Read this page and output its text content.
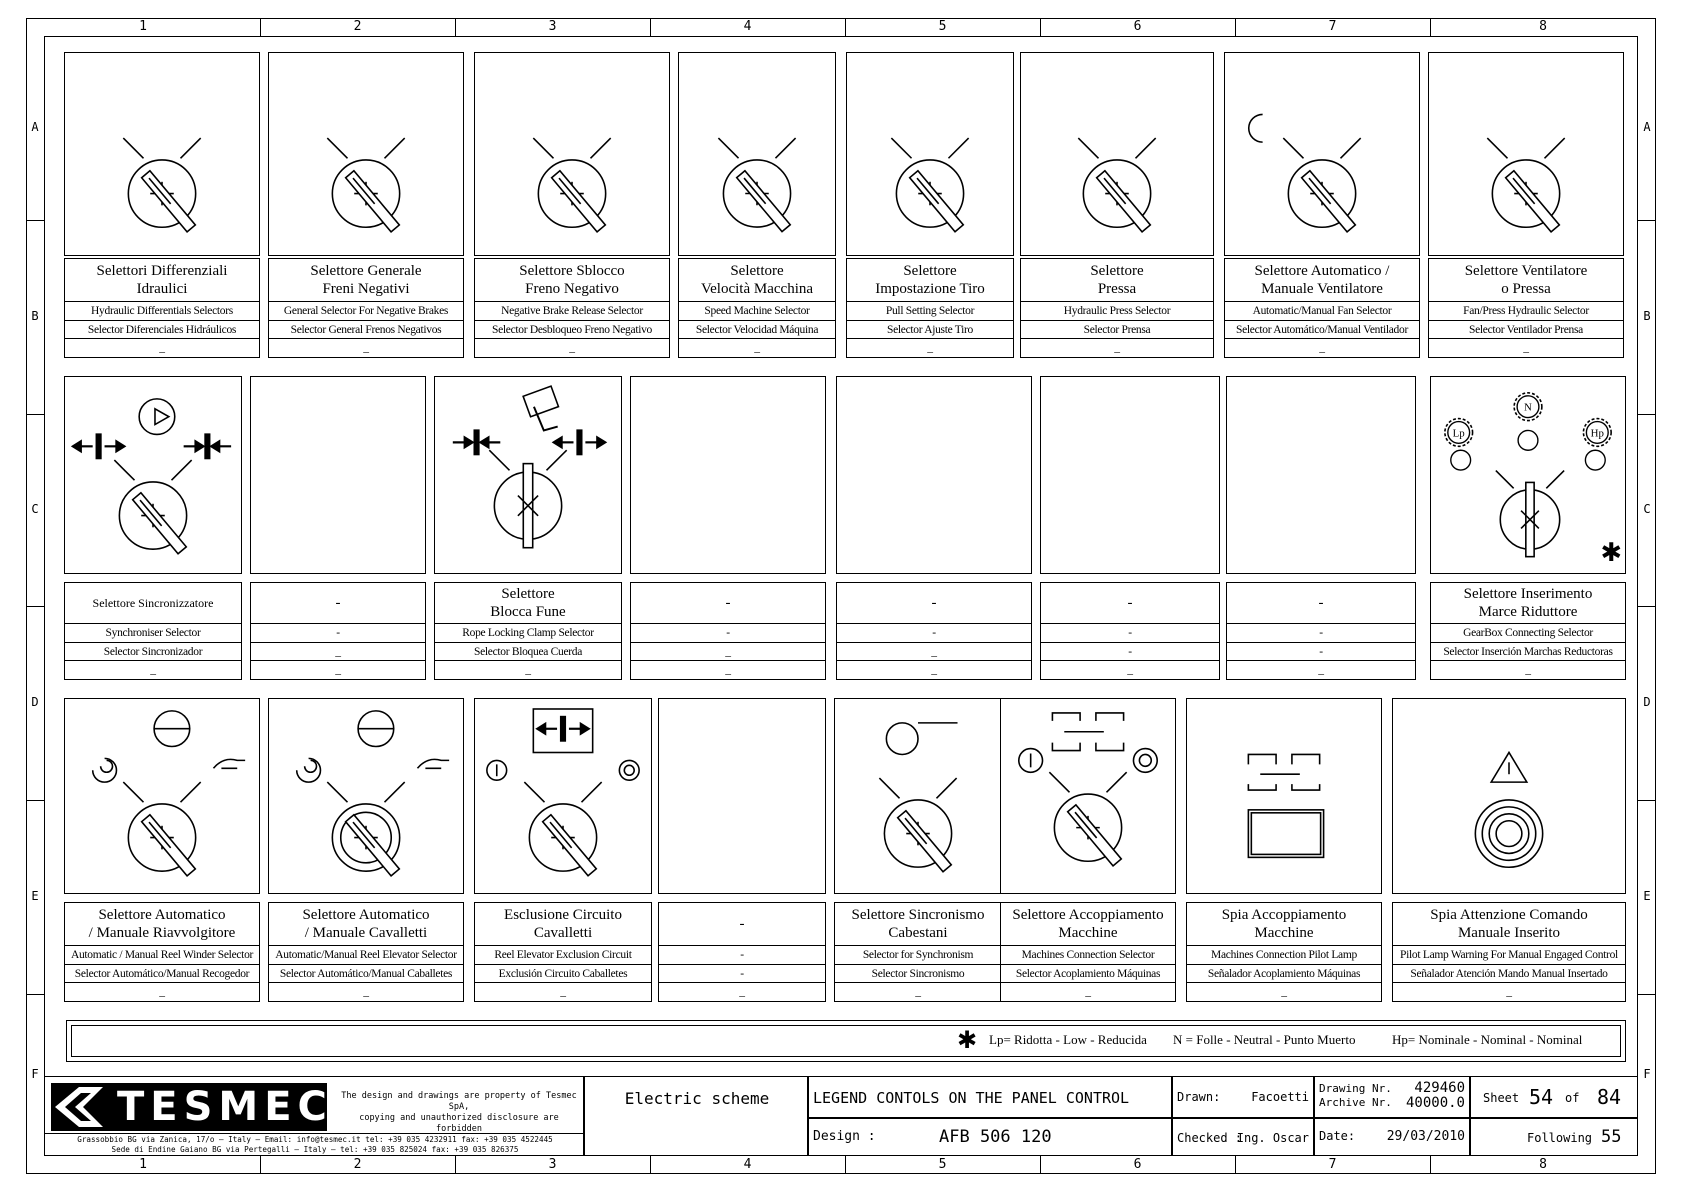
1
1
2
2
3
3
4
4
5
5
6
6
7
7
8
8
A	A
B	B
C	C
D	D
E	E
F	F
Selettori Differenziali
Idraulici
Hydraulic Differentials Selectors
Selector Diferenciales Hidráulicos
_
Selettore Generale
Freni Negativi
General Selector For Negative Brakes
Selector General Frenos Negativos
_
Selettore Sblocco
Freno Negativo
Negative Brake Release Selector
Selector Desbloqueo Freno Negativo
_
Selettore
Velocità Macchina
Speed Machine Selector
Selector Velocidad Máquina
_
Selettore
Impostazione Tiro
Pull Setting Selector
Selector Ajuste Tiro
_
Selettore
Pressa
Hydraulic Press Selector
Selector Prensa
_
Selettore Automatico /
Manuale Ventilatore
Automatic/Manual Fan Selector
Selector Automático/Manual Ventilador
_
Selettore Ventilatore
o Pressa
Fan/Press Hydraulic Selector
Selector Ventilador Prensa
_
Selettore Sincronizzatore
Synchroniser Selector
Selector Sincronizador
_
-
-
_
_
Selettore
Blocca Fune
Rope Locking Clamp Selector
Selector Bloquea Cuerda
_
-
-
_
_
-
-
_
_
-
-
-
_
-
-
-
_
Lp
N
Hp
✱
Selettore Inserimento
Marce Riduttore
GearBox Connecting Selector
Selector Inserción Marchas Reductoras
_
Selettore Automatico
/ Manuale Riavvolgitore
Automatic / Manual Reel Winder Selector
Selector Automático/Manual Recogedor
_
Selettore Automatico
/ Manuale Cavalletti
Automatic/Manual Reel Elevator Selector
Selector Automático/Manual Caballetes
_
Esclusione Circuito
Cavalletti
Reel Elevator Exclusion Circuit
Exclusión Circuito Caballetes
_
-
-
-
_
Selettore Sincronismo
Cabestani
Selector for Synchronism
Selector Sincronismo
_
Selettore Accoppiamento
Macchine
Machines Connection Selector
Selector Acoplamiento Máquinas
_
Spia Accoppiamento
Macchine
Machines Connection Pilot Lamp
Señalador Acoplamiento Máquinas
_
Spia Attenzione Comando
Manuale Inserito
Pilot Lamp Warning For Manual Engaged Control
Señalador Atención Mando Manual Insertado
_
✱ Lp= Ridotta - Low - Reducida N = Folle - Neutral - Punto Muerto	Hp= Nominale - Nominal - Nominal
TESMEC The design and drawings are property of Tesmec SpA,
copying and unauthorized disclosure are forbidden
Grassobbio BG via Zanica, 17/o – Italy – Email: info@tesmec.it tel: +39 035 4232911 fax: +39 035 4522445
Sede di Endine Gaiano BG via Pertegalli – Italy – tel: +39 035 825024 fax: +39 035 826375
Electric scheme	LEGEND CONTOLS ON THE PANEL CONTROL
Design :	AFB 506 120
Drawn:	Facoetti
Checked :
Ing. Oscar
Drawing Nr.
Archive Nr.
429460
40000.0
Date: 29/03/2010
Sheet 54 of 84
Following 55
